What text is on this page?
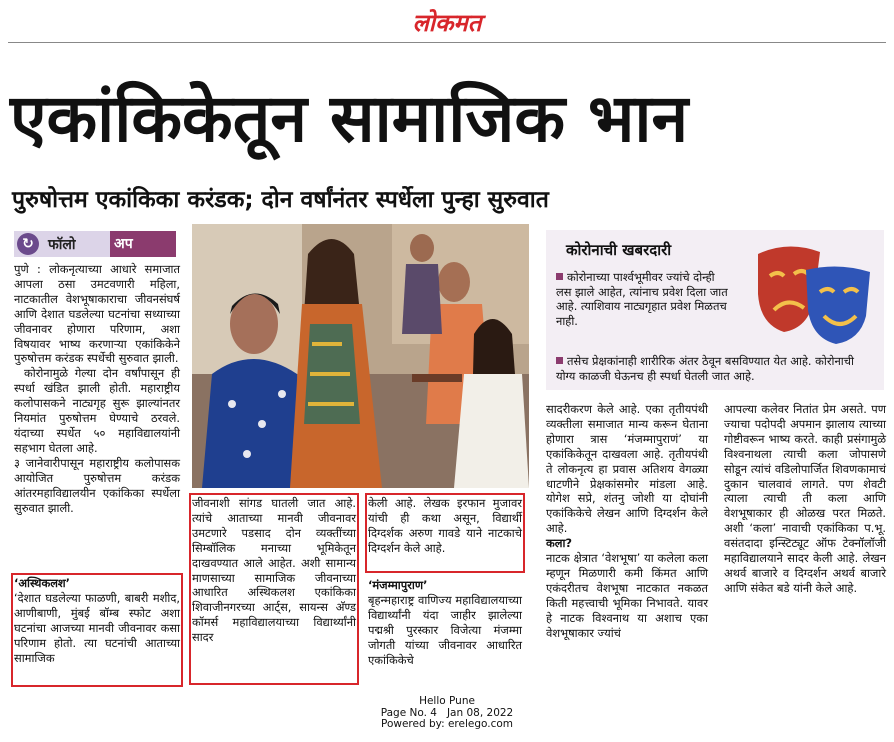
लोकमत
एकांकिकेतून सामाजिक भान
पुरुषोत्तम एकांकिका करंडक; दोन वर्षांनंतर स्पर्धेला पुन्हा सुरुवात
↻	फॉलो	अप

पुणे : लोकनृत्याच्या आधारे समाजात आपला ठसा उमटवणारी महिला, नाटकातील वेशभूषाकाराचा जीवनसंघर्ष आणि देशात घडलेल्या घटनांचा सध्याच्या जीवनावर होणारा परिणाम, अशा विषयावर भाष्य करणाऱ्या एकांकिकेने पुरुषोत्तम करंडक स्पर्धेची सुरुवात झाली.

कोरोनामुळे गेल्या दोन वर्षांपासून ही स्पर्धा खंडित झाली होती. महाराष्ट्रीय कलोपासकने नाट्यगृह सुरू झाल्यांनतर नियमांत पुरुषोत्तम घेण्याचे ठरवले. यंदाच्या स्पर्धेत ५० महाविद्यालयांनी सहभाग घेतला आहे.

३ जानेवारीपासून महाराष्ट्रीय कलोपासक आयोजित पुरुषोत्तम करंडक आंतरमहाविद्यालयीन एकांकिका स्पर्धेला सुरुवात झाली.

‘अस्थिकलश’

‘देशात घडलेल्या फाळणी, बाबरी मशीद, आणीबाणी, मुंबई बॉम्ब स्फोट अशा घटनांचा आजच्या मानवी जीवनावर कसा परिणाम होतो. त्या घटनांची आताच्या सामाजिक

जीवनाशी सांगड घातली जात आहे. त्यांचे आताच्या मानवी जीवनावर उमटणारे पडसाद दोन व्यक्तींच्या सिम्बॉलिक मनाच्या भूमिकेतून दाखवण्यात आले आहेत. अशी सामान्य माणसाच्या सामाजिक जीवनाच्या आधारित अस्थिकलश एकांकिका शिवाजीनगरच्या आर्ट्स, सायन्स अ‍ॅण्ड कॉमर्स महाविद्यालयाच्या विद्यार्थ्यांनी सादर

केली आहे. लेखक इरफान मुजावर यांची ही कथा असून, विद्यार्थी दिग्दर्शक अरुण गावडे याने नाटकाचे दिग्दर्शन केले आहे.

‘मंजम्मापुराण’

बृहन्महाराष्ट्र वाणिज्य महाविद्यालयाच्या विद्यार्थ्यांनी यंदा जाहीर झालेल्या पद्मश्री पुरस्कार विजेत्या मंजम्मा जोगती यांच्या जीवनावर आधारित एकांकिकेचे

कोरोनाची खबरदारी
कोरोनाच्या पार्श्वभूमीवर ज्यांचे दोन्ही लस झाले आहेत, त्यांनाच प्रवेश दिला जात आहे. त्याशिवाय नाट्यगृहात प्रवेश मिळतच नाही.
तसेच प्रेक्षकांनाही शारीरिक अंतर ठेवून बसविण्यात येत आहे. कोरोनाची योग्य काळजी घेऊनच ही स्पर्धा घेतली जात आहे.

सादरीकरण केले आहे. एका तृतीयपंथी व्यक्तीला समाजात मान्य करून घेताना होणारा त्रास ‘मंजम्मापुराणं’ या एकांकिकेतून दाखवला आहे. तृतीयपंथी ते लोकनृत्य हा प्रवास अतिशय वेगळ्या धाटणीने प्रेक्षकांसमोर मांडला आहे. योगेश सप्रे, शंतनु जोशी या दोघांनी एकांकिकेचे लेखन आणि दिग्दर्शन केले आहे.

कला?

नाटक क्षेत्रात ‘वेशभूषा’ या कलेला कला म्हणून मिळणारी कमी किंमत आणि एकंदरीतच वेशभूषा नाटकात नकळत किती महत्त्वाची भूमिका निभावते. यावर हे नाटक विश्वनाथ या अशाच एका वेशभूषाकार ज्यांचं

आपल्या कलेवर नितांत प्रेम असते. पण ज्याचा पदोपदी अपमान झालाय त्याच्या गोष्टीवरून भाष्य करते. काही प्रसंगामुळे विश्वनाथला त्याची कला जोपासणे सोडून त्यांचं वडिलोपार्जित शिवणकामाचं दुकान चालवावं लागते. पण शेवटी त्याला त्याची ती कला आणि वेशभूषाकार ही ओळख परत मिळते. अशी ‘कला’ नावाची एकांकिका प.भू. वसंतदादा इन्स्टिट्यूट ऑफ टेक्नॉलॉजी महाविद्यालयाने सादर केली आहे. लेखन अथर्व बाजारे व दिग्दर्शन अथर्व बाजारे आणि संकेत बडे यांनी केले आहे.

Hello Pune
Page No. 4   Jan 08, 2022
Powered by: erelego.com
